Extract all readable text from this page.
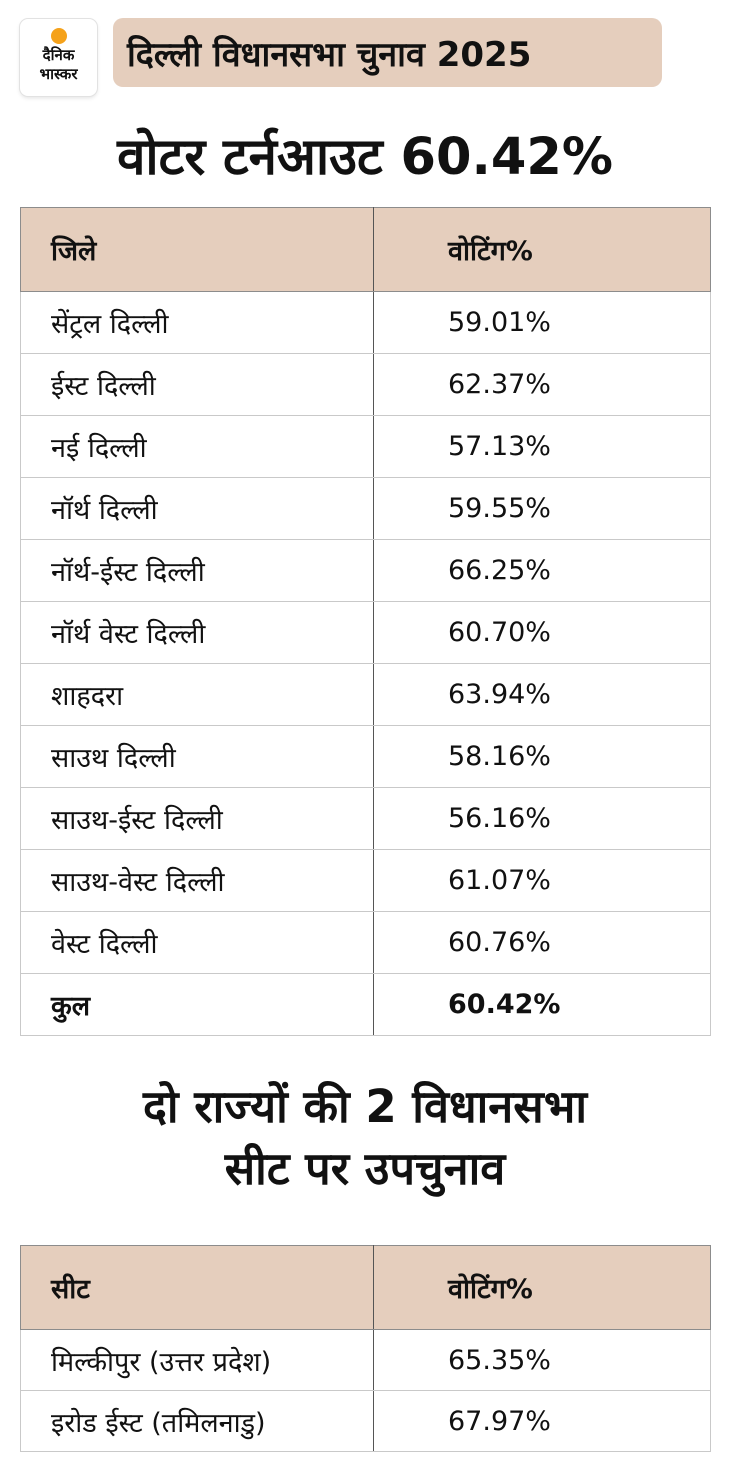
दैनिक
भास्कर	दिल्ली विधानसभा चुनाव 2025
वोटर टर्नआउट 60.42%
जिले	वोटिंग%
सेंट्रल दिल्ली	59.01%
ईस्ट दिल्ली	62.37%
नई दिल्ली	57.13%
नॉर्थ दिल्ली	59.55%
नॉर्थ-ईस्ट दिल्ली	66.25%
नॉर्थ वेस्ट दिल्ली	60.70%
शाहदरा	63.94%
साउथ दिल्ली	58.16%
साउथ-ईस्ट दिल्ली	56.16%
साउथ-वेस्ट दिल्ली	61.07%
वेस्ट दिल्ली	60.76%
कुल	60.42%
दो राज्यों की 2 विधानसभा
सीट पर उपचुनाव
सीट	वोटिंग%
मिल्कीपुर (उत्तर प्रदेश)	65.35%
इरोड ईस्ट (तमिलनाडु)	67.97%
